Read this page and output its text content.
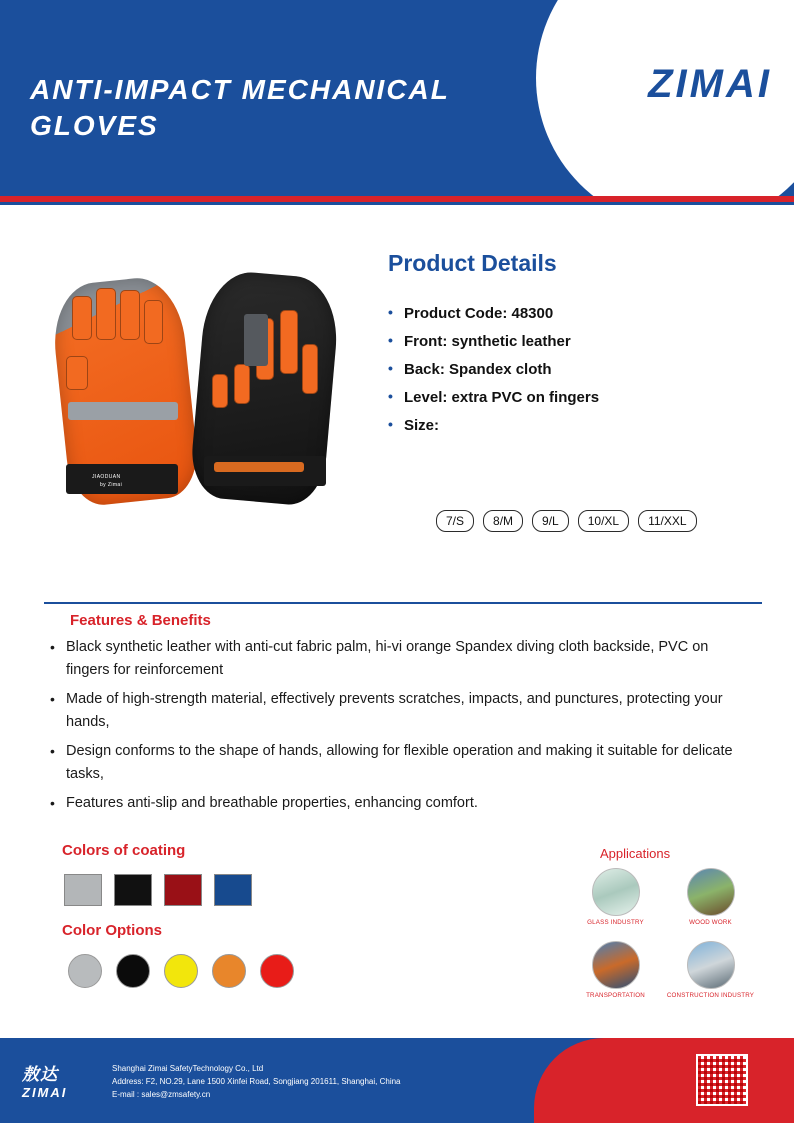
ANTI-IMPACT MECHANICAL GLOVES
ZIMAI
JIAODUAN
by Zimai
Product Details
• Product Code: 48300
• Front: synthetic leather
• Back: Spandex cloth
• Level: extra PVC on fingers
• Size:
7/S	8/M	9/L	10/XL	11/XXL
Features & Benefits
• Black synthetic leather with anti-cut fabric palm, hi-vi orange Spandex diving cloth backside, PVC on fingers for reinforcement
• Made of high-strength material, effectively prevents scratches, impacts, and punctures, protecting your hands,
• Design conforms to the shape of hands, allowing for flexible operation and making it suitable for delicate tasks,
• Features anti-slip and breathable properties, enhancing comfort.
Colors of coating
Color Options
Applications
GLASS INDUSTRY	WOOD WORK
TRANSPORTATION	CONSTRUCTION INDUSTRY
敖达
ZIMAI
Shanghai Zimai SafetyTechnology Co., Ltd
Address: F2, NO.29, Lane 1500 Xinfei Road, Songjiang 201611, Shanghai, China
E-mail : sales@zmsafety.cn
